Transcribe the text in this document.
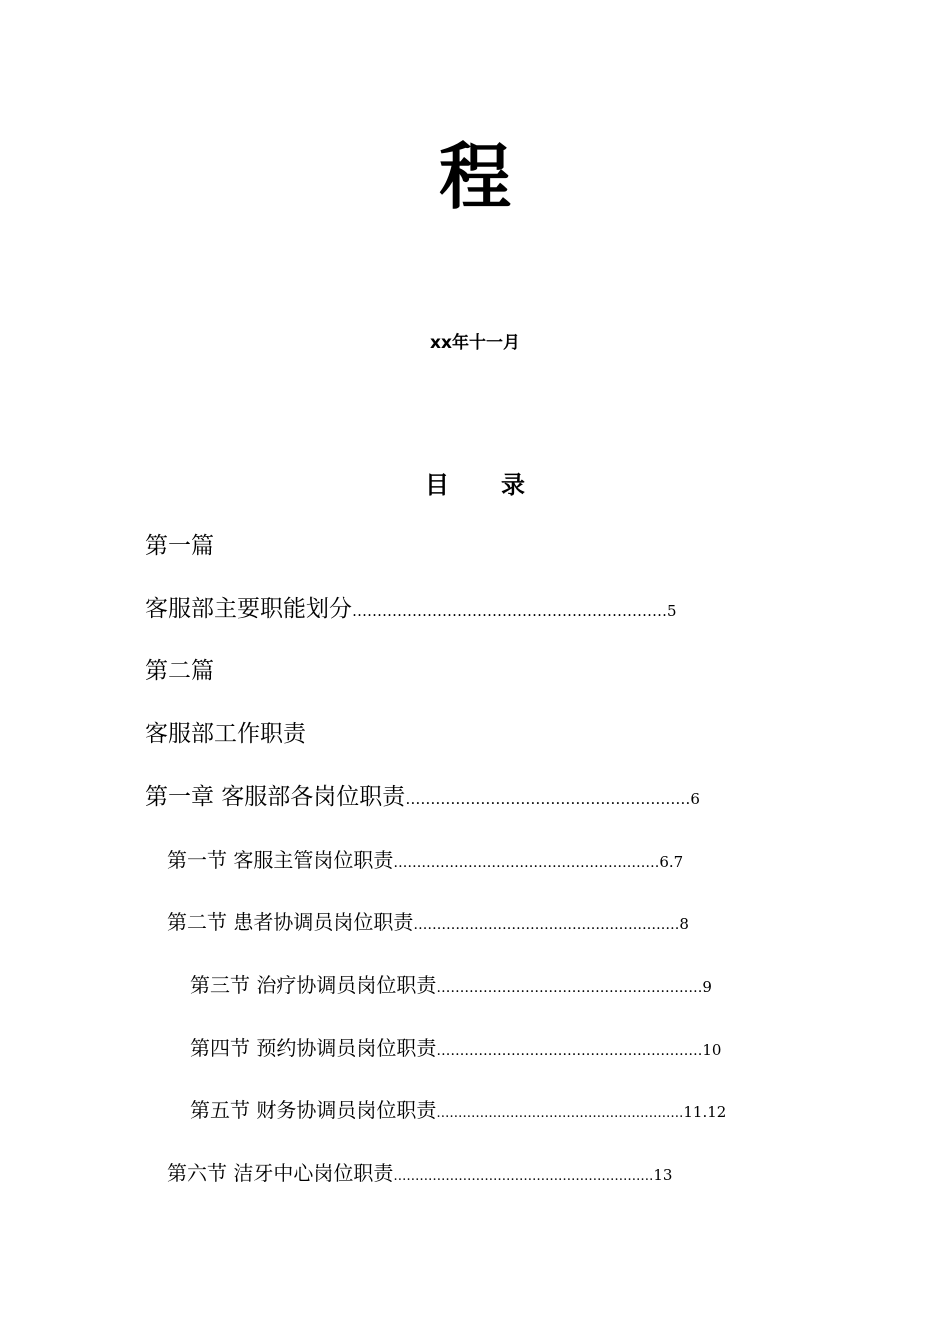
程
xx年十一月
目 录
第一篇
客服部主要职能划分………………………………………………………5
第二篇
客服部工作职责
第一章 客服部各岗位职责…………………………………………………6
第一节 客服主管岗位职责…………………………………………………6.7
第二节 患者协调员岗位职责…………………………………………………8
第三节 治疗协调员岗位职责…………………………………………………9
第四节 预约协调员岗位职责…………………………………………………10
第五节 财务协调员岗位职责…………………………………………………11.12
第六节 洁牙中心岗位职责……………………………………………………13
